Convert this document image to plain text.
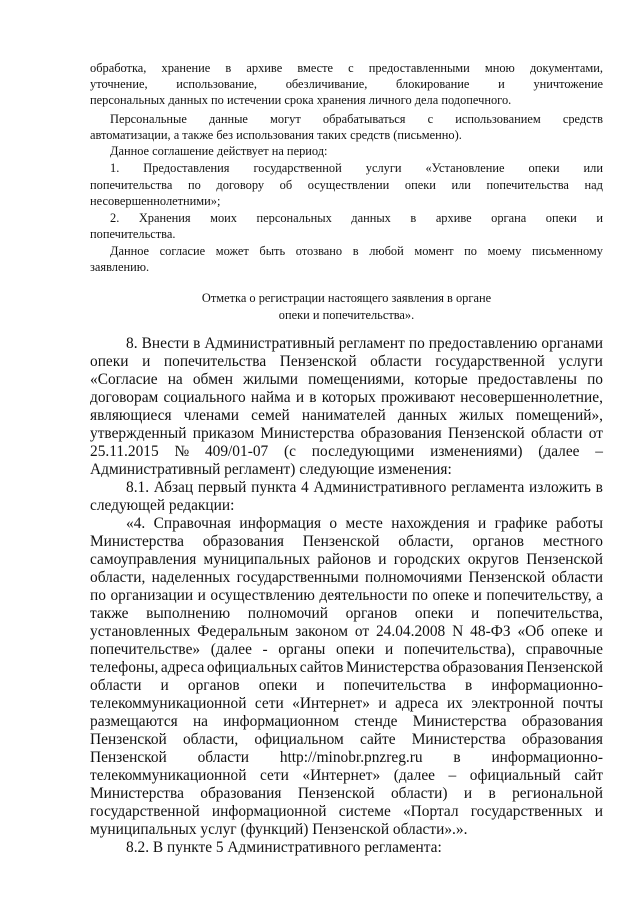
обработка, хранение в архиве вместе с предоставленными мною документами,
уточнение, использование, обезличивание, блокирование и уничтожение
персональных данных по истечении срока хранения личного дела подопечного.
Персональные данные могут обрабатываться с использованием средств
автоматизации, а также без использования таких средств (письменно).
Данное соглашение действует на период:
1. Предоставления государственной услуги «Установление опеки или
попечительства по договору об осуществлении опеки или попечительства над
несовершеннолетними»;
2. Хранения моих персональных данных в архиве органа опеки и
попечительства.
Данное согласие может быть отозвано в любой момент по моему письменному
заявлению.
Отметка о регистрации настоящего заявления в органе
опеки и попечительства».
8. Внести в Административный регламент по предоставлению органами
опеки и попечительства Пензенской области государственной услуги
«Согласие на обмен жилыми помещениями, которые предоставлены по
договорам социального найма и в которых проживают несовершеннолетние,
являющиеся членами семей нанимателей данных жилых помещений»,
утвержденный приказом Министерства образования Пензенской области от
25.11.2015 № 409/01-07 (с последующими изменениями) (далее –
Административный регламент) следующие изменения:
8.1. Абзац первый пункта 4 Административного регламента изложить в
следующей редакции:
«4. Справочная информация о месте нахождения и графике работы
Министерства образования Пензенской области, органов местного
самоуправления муниципальных районов и городских округов Пензенской
области, наделенных государственными полномочиями Пензенской области
по организации и осуществлению деятельности по опеке и попечительству, а
также выполнению полномочий органов опеки и попечительства,
установленных Федеральным законом от 24.04.2008 N 48-ФЗ «Об опеке и
попечительстве» (далее - органы опеки и попечительства), справочные
телефоны, адреса официальных сайтов Министерства образования Пензенской
области и органов опеки и попечительства в информационно-
телекоммуникационной сети «Интернет» и адреса их электронной почты
размещаются на информационном стенде Министерства образования
Пензенской области, официальном сайте Министерства образования
Пензенской области http://minobr.pnzreg.ru в информационно-
телекоммуникационной сети «Интернет» (далее – официальный сайт
Министерства образования Пензенской области) и в региональной
государственной информационной системе «Портал государственных и
муниципальных услуг (функций) Пензенской области».».
8.2. В пункте 5 Административного регламента:
